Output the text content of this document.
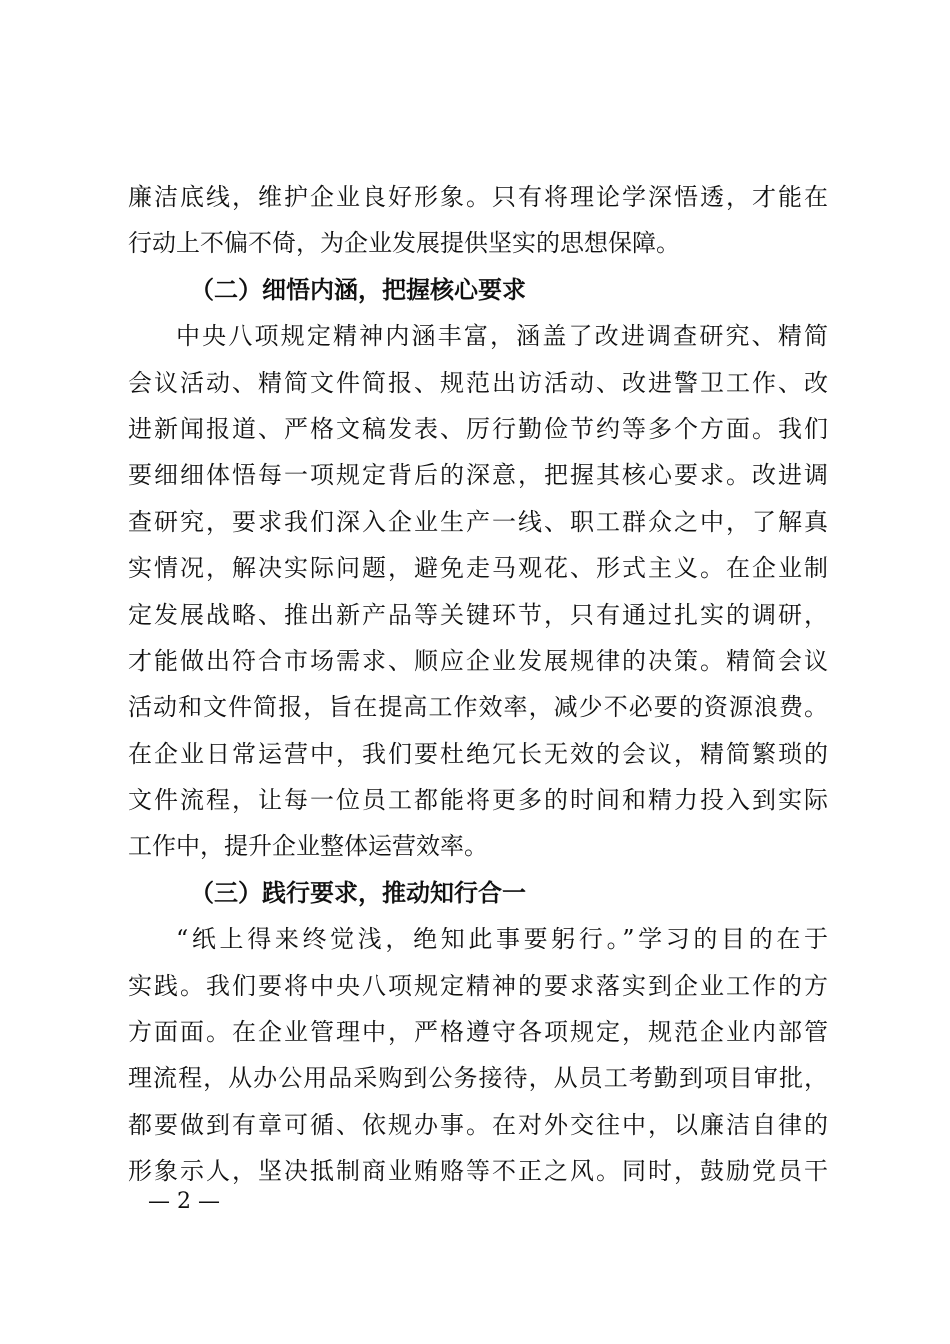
廉洁底线，维护企业良好形象。只有将理论学深悟透，才能在
行动上不偏不倚，为企业发展提供坚实的思想保障。
（二）细悟内涵，把握核心要求
中央八项规定精神内涵丰富，涵盖了改进调查研究、精简
会议活动、精简文件简报、规范出访活动、改进警卫工作、改
进新闻报道、严格文稿发表、厉行勤俭节约等多个方面。我们
要细细体悟每一项规定背后的深意，把握其核心要求。改进调
查研究，要求我们深入企业生产一线、职工群众之中，了解真
实情况，解决实际问题，避免走马观花、形式主义。在企业制
定发展战略、推出新产品等关键环节，只有通过扎实的调研，
才能做出符合市场需求、顺应企业发展规律的决策。精简会议
活动和文件简报，旨在提高工作效率，减少不必要的资源浪费。
在企业日常运营中，我们要杜绝冗长无效的会议，精简繁琐的
文件流程，让每一位员工都能将更多的时间和精力投入到实际
工作中，提升企业整体运营效率。
（三）践行要求，推动知行合一
“纸上得来终觉浅，绝知此事要躬行。”学习的目的在于
实践。我们要将中央八项规定精神的要求落实到企业工作的方
方面面。在企业管理中，严格遵守各项规定，规范企业内部管
理流程，从办公用品采购到公务接待，从员工考勤到项目审批，
都要做到有章可循、依规办事。在对外交往中，以廉洁自律的
形象示人，坚决抵制商业贿赂等不正之风。同时，鼓励党员干
— 2 —
